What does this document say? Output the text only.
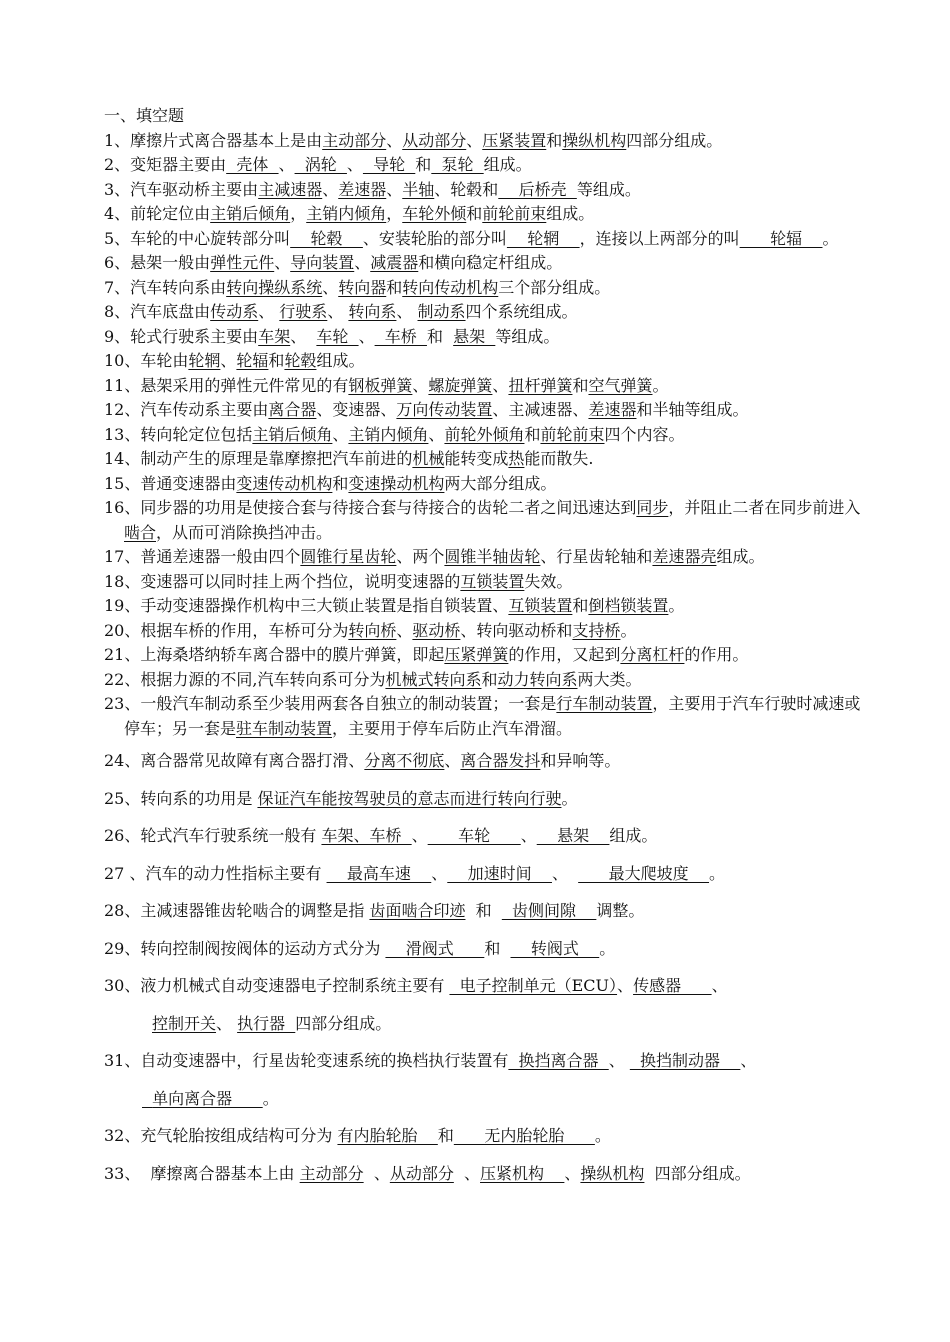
一、填空题
1、摩擦片式离合器基本上是由主动部分、从动部分、压紧装置和操纵机构四部分组成。
2、变矩器主要由  壳体  、  涡轮  、  导轮  和  泵轮  组成。
3、汽车驱动桥主要由主减速器、差速器、半轴、轮毂和    后桥壳  等组成。
4、前轮定位由主销后倾角，主销内倾角，车轮外倾和前轮前束组成。
5、车轮的中心旋转部分叫    轮毂    、安装轮胎的部分叫    轮辋    ，连接以上两部分的叫      轮辐    。
6、悬架一般由弹性元件、导向装置、减震器和横向稳定杆组成。
7、汽车转向系由转向操纵系统、转向器和转向传动机构三个部分组成。
8、汽车底盘由传动系、 行驶系、 转向系、 制动系四个系统组成。
9、轮式行驶系主要由车架、  车轮  、  车桥  和  悬架  等组成。
10、车轮由轮辋、轮辐和轮毂组成。
11、悬架采用的弹性元件常见的有钢板弹簧、螺旋弹簧、扭杆弹簧和空气弹簧。
12、汽车传动系主要由离合器、变速器、万向传动装置、主减速器、差速器和半轴等组成。
13、转向轮定位包括主销后倾角、主销内倾角、前轮外倾角和前轮前束四个内容。
14、制动产生的原理是靠摩擦把汽车前进的机械能转变成热能而散失.
15、普通变速器由变速传动机构和变速操动机构两大部分组成。
16、同步器的功用是使接合套与待接合套与待接合的齿轮二者之间迅速达到同步，并阻止二者在同步前进入啮合，从而可消除换挡冲击。
17、普通差速器一般由四个圆锥行星齿轮、两个圆锥半轴齿轮、行星齿轮轴和差速器壳组成。
18、变速器可以同时挂上两个挡位，说明变速器的互锁装置失效。
19、手动变速器操作机构中三大锁止装置是指自锁装置、互锁装置和倒档锁装置。
20、根据车桥的作用，车桥可分为转向桥、驱动桥、转向驱动桥和支持桥。
21、上海桑塔纳轿车离合器中的膜片弹簧，即起压紧弹簧的作用，又起到分离杠杆的作用。
22、根据力源的不同,汽车转向系可分为机械式转向系和动力转向系两大类。
23、一般汽车制动系至少装用两套各自独立的制动装置；一套是行车制动装置，主要用于汽车行驶时减速或停车；另一套是驻车制动装置，主要用于停车后防止汽车滑溜。
24、离合器常见故障有离合器打滑、分离不彻底、离合器发抖和异响等。
25、转向系的功用是 保证汽车能按驾驶员的意志而进行转向行驶。
26、轮式汽车行驶系统一般有 车架、车桥  、      车轮      、    悬架    组成。
27 、汽车的动力性指标主要有     最高车速    、    加速时间    、        最大爬坡度    。
28、主减速器锥齿轮啮合的调整是指 齿面啮合印迹  和    齿侧间隙    调整。
29、转向控制阀按阀体的运动方式分为     滑阀式      和      转阀式    。
30、液力机械式自动变速器电子控制系统主要有   电子控制单元（ECU）、传感器      、
控制开关、 执行器  四部分组成。
31、自动变速器中，行星齿轮变速系统的换档执行装置有  换挡离合器  、   换挡制动器    、
单向离合器      。
32、充气轮胎按组成结构可分为 有内胎轮胎    和      无内胎轮胎      。
33、  摩擦离合器基本上由 主动部分  、从动部分  、压紧机构    、操纵机构  四部分组成。
